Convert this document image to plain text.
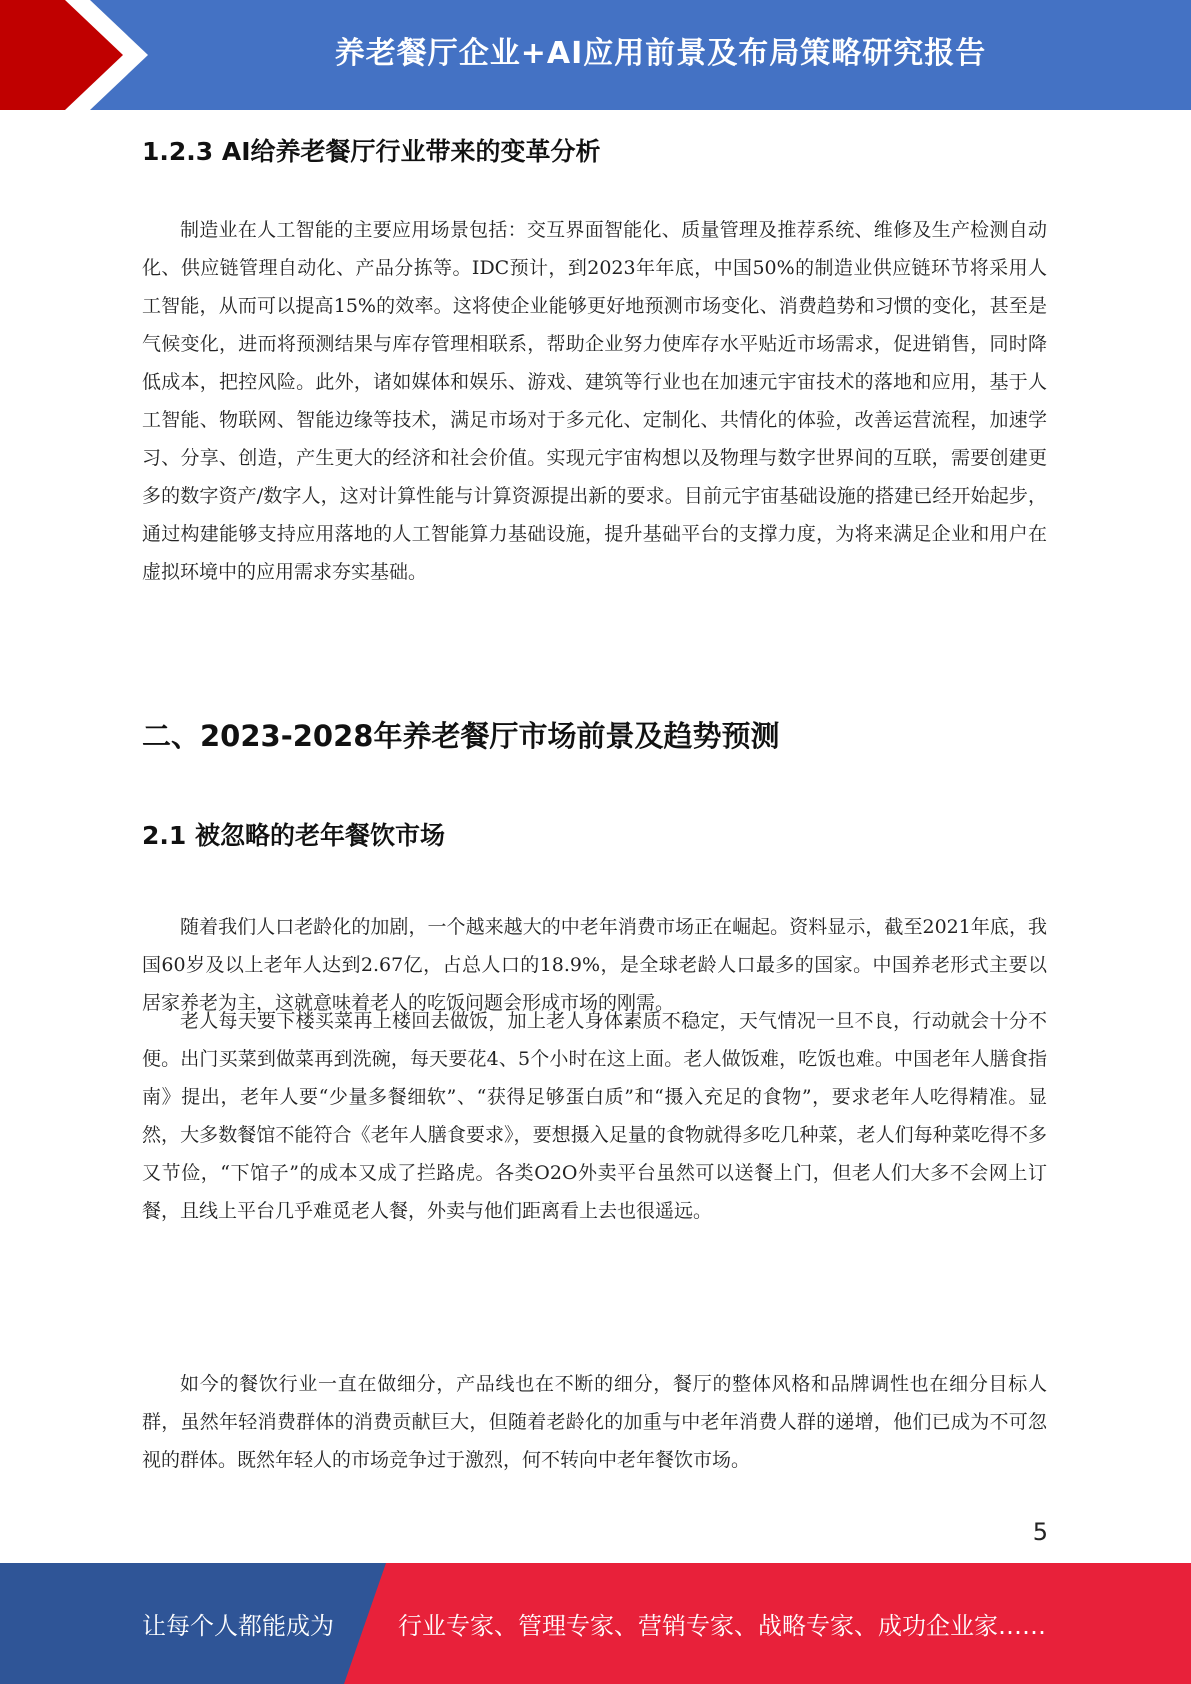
养老餐厅企业+AI应用前景及布局策略研究报告
1.2.3 AI给养老餐厅行业带来的变革分析

制造业在人工智能的主要应用场景包括：交互界面智能化、质量管理及推荐系统、维修及生产检测自动化、供应链管理自动化、产品分拣等。IDC预计，到2023年年底，中国50%的制造业供应链环节将采用人工智能，从而可以提高15%的效率。这将使企业能够更好地预测市场变化、消费趋势和习惯的变化，甚至是气候变化，进而将预测结果与库存管理相联系，帮助企业努力使库存水平贴近市场需求，促进销售，同时降低成本，把控风险。此外，诸如媒体和娱乐、游戏、建筑等行业也在加速元宇宙技术的落地和应用，基于人工智能、物联网、智能边缘等技术，满足市场对于多元化、定制化、共情化的体验，改善运营流程，加速学习、分享、创造，产生更大的经济和社会价值。实现元宇宙构想以及物理与数字世界间的互联，需要创建更多的数字资产/数字人，这对计算性能与计算资源提出新的要求。目前元宇宙基础设施的搭建已经开始起步，通过构建能够支持应用落地的人工智能算力基础设施，提升基础平台的支撑力度，为将来满足企业和用户在虚拟环境中的应用需求夯实基础。

二、2023-2028年养老餐厅市场前景及趋势预测
2.1 被忽略的老年餐饮市场

随着我们人口老龄化的加剧，一个越来越大的中老年消费市场正在崛起。资料显示，截至2021年底，我国60岁及以上老年人达到2.67亿，占总人口的18.9%，是全球老龄人口最多的国家。中国养老形式主要以居家养老为主，这就意味着老人的吃饭问题会形成市场的刚需。

老人每天要下楼买菜再上楼回去做饭，加上老人身体素质不稳定，天气情况一旦不良，行动就会十分不便。出门买菜到做菜再到洗碗，每天要花4、5个小时在这上面。老人做饭难，吃饭也难。中国老年人膳食指南》提出，老年人要“少量多餐细软”、“获得足够蛋白质”和“摄入充足的食物”，要求老年人吃得精准。显然，大多数餐馆不能符合《老年人膳食要求》，要想摄入足量的食物就得多吃几种菜，老人们每种菜吃得不多又节俭，“下馆子”的成本又成了拦路虎。各类O2O外卖平台虽然可以送餐上门，但老人们大多不会网上订餐，且线上平台几乎难觅老人餐，外卖与他们距离看上去也很遥远。

如今的餐饮行业一直在做细分，产品线也在不断的细分，餐厅的整体风格和品牌调性也在细分目标人群，虽然年轻消费群体的消费贡献巨大，但随着老龄化的加重与中老年消费人群的递增，他们已成为不可忽视的群体。既然年轻人的市场竞争过于激烈，何不转向中老年餐饮市场。

5
让每个人都能成为	行业专家、管理专家、营销专家、战略专家、成功企业家……
